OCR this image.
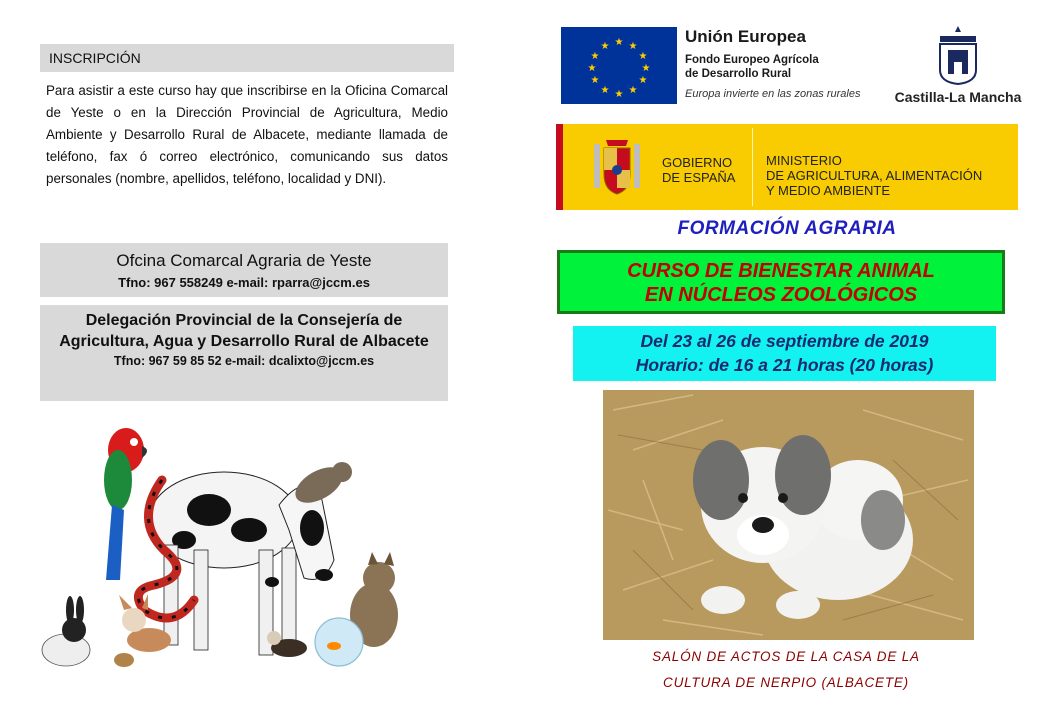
INSCRIPCIÓN
Para asistir a este curso hay que inscribirse en la Oficina Comarcal de Yeste o en la Dirección Provincial de Agricultura, Medio Ambiente y Desarrollo Rural de Albacete, mediante llamada de teléfono, fax ó correo electrónico, comunicando sus datos personales (nombre, apellidos, teléfono, localidad y DNI).
Ofcina Comarcal Agraria de Yeste
Tfno: 967 558249 e-mail: rparra@jccm.es
Delegación Provincial de la Consejería de Agricultura, Agua y Desarrollo Rural de Albacete
Tfno: 967 59 85 52 e-mail: dcalixto@jccm.es
★ ★
★
★
★
★
★
★
★
★
★
★
Unión Europea
Fondo Europeo Agrícola
de Desarrollo Rural
Europa invierte en las zonas rurales	Castilla-La Mancha
GOBIERNO
DE ESPAÑA
MINISTERIO
DE AGRICULTURA, ALIMENTACIÓN
Y MEDIO AMBIENTE
FORMACIÓN AGRARIA
CURSO DE BIENESTAR ANIMAL
EN NÚCLEOS ZOOLÓGICOS
Del 23 al 26 de septiembre de 2019
Horario: de 16 a 21 horas (20 horas)
SALÓN DE ACTOS DE LA CASA DE LA
CULTURA DE NERPIO (ALBACETE)
